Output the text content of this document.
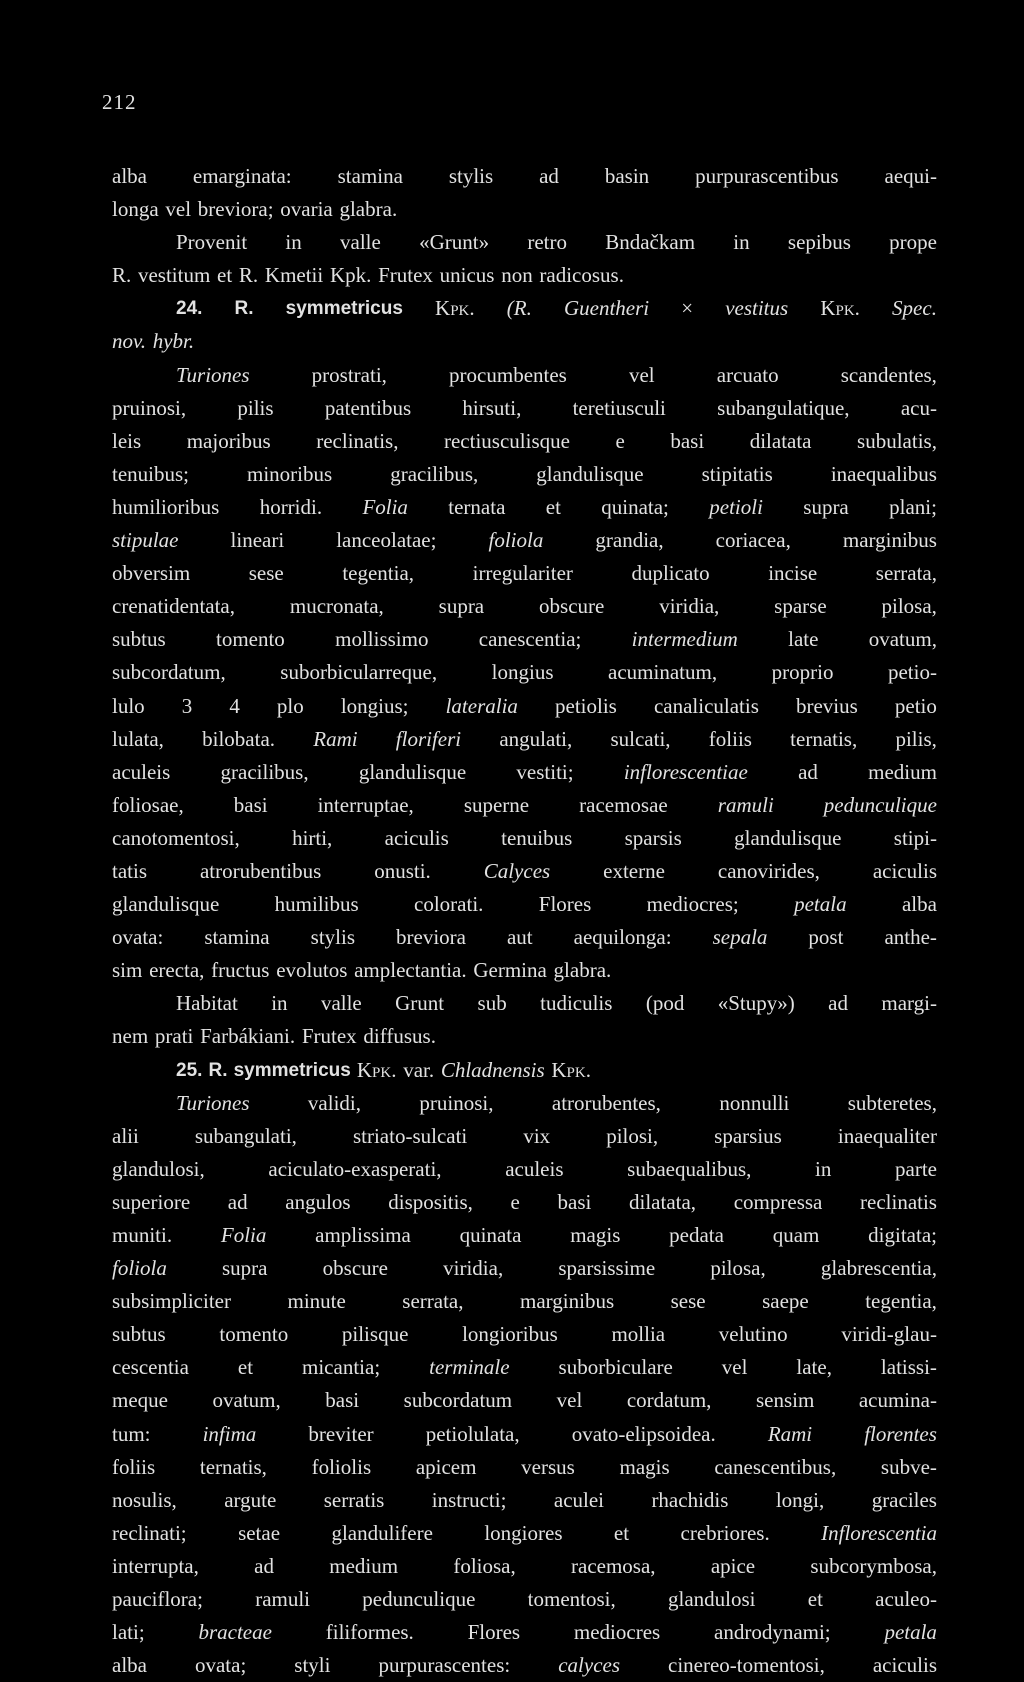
212
alba emarginata: stamina stylis ad basin purpurascentibus aequi-
longa vel breviora; ovaria glabra.
Provenit in valle «Grunt» retro Bndačkam in sepibus prope
R. vestitum et R. Kmetii Kpk. Frutex unicus non radicosus.
24. R. symmetricus Kpk. (R. Guentheri × vestitus Kpk. Spec.
nov. hybr.
Turiones	prostrati,	procumbentes	vel	arcuato	scandentes,
pruinosi, pilis patentibus hirsuti, teretiusculi subangulatique, acu-
leis majoribus reclinatis, rectiusculisque e basi dilatata subulatis,
tenuibus;	minoribus	gracilibus,	glandulisque	stipitatis	inaequalibus
humilioribus horridi. Folia ternata et quinata; petioli supra plani;
stipulae lineari lanceolatae; foliola grandia, coriacea, marginibus
obversim	sese	tegentia,	irregulariter	duplicato	incise	serrata,
crenatidentata,	mucronata,	supra	obscure	viridia,	sparse	pilosa,
subtus tomento mollissimo canescentia; intermedium late ovatum,
subcordatum,	suborbicularreque,	longius	acuminatum,	proprio	petio-
lulo 3 4 plo longius; lateralia petiolis canaliculatis brevius petio
lulata, bilobata. Rami floriferi angulati, sulcati, foliis ternatis, pilis,
aculeis gracilibus, glandulisque vestiti; inflorescentiae ad medium
foliosae, basi interruptae, superne racemosae ramuli pedunculique
canotomentosi, hirti, aciculis tenuibus sparsis glandulisque stipi-
tatis	atrorubentibus	onusti.	Calyces	externe	canovirides,	aciculis
glandulisque	humilibus	colorati.	Flores	mediocres;	petala	alba
ovata: stamina stylis breviora aut aequilonga: sepala post anthe-
sim erecta, fructus evolutos amplectantia. Germina glabra.
Habitat in valle Grunt sub tudiculis (pod «Stupy») ad margi-
nem prati Farbákiani. Frutex diffusus.
25. R. symmetricus Kpk. var. Chladnensis Kpk.
Turiones	validi,	pruinosi,	atrorubentes,	nonnulli	subteretes,
alii	subangulati,	striato-sulcati	vix	pilosi,	sparsius	inaequaliter
glandulosi,	aciculato-exasperati,	aculeis	subaequalibus,	in	parte
superiore ad angulos dispositis, e basi dilatata, compressa reclinatis
muniti. Folia amplissima quinata magis pedata quam digitata;
foliola	supra	obscure	viridia,	sparsissime	pilosa,	glabrescentia,
subsimpliciter	minute	serrata,	marginibus	sese	saepe	tegentia,
subtus	tomento	pilisque	longioribus	mollia	velutino	viridi-glau-
cescentia et micantia; terminale suborbiculare vel late, latissi-
meque ovatum, basi subcordatum vel cordatum, sensim acumina-
tum: infima breviter petiolulata, ovato-elipsoidea. Rami florentes
foliis ternatis, foliolis apicem versus magis canescentibus, subve-
nosulis, argute serratis instructi; aculei rhachidis longi, graciles
reclinati; setae glandulifere longiores et crebriores. Inflorescentia
interrupta,	ad	medium	foliosa,	racemosa,	apice	subcorymbosa,
pauciflora; ramuli pedunculique tomentosi, glandulosi et aculeo-
lati;	bracteae	filiformes.	Flores	mediocres	androdynami;	petala
alba ovata; styli purpurascentes: calyces cinereo-tomentosi, aciculis
